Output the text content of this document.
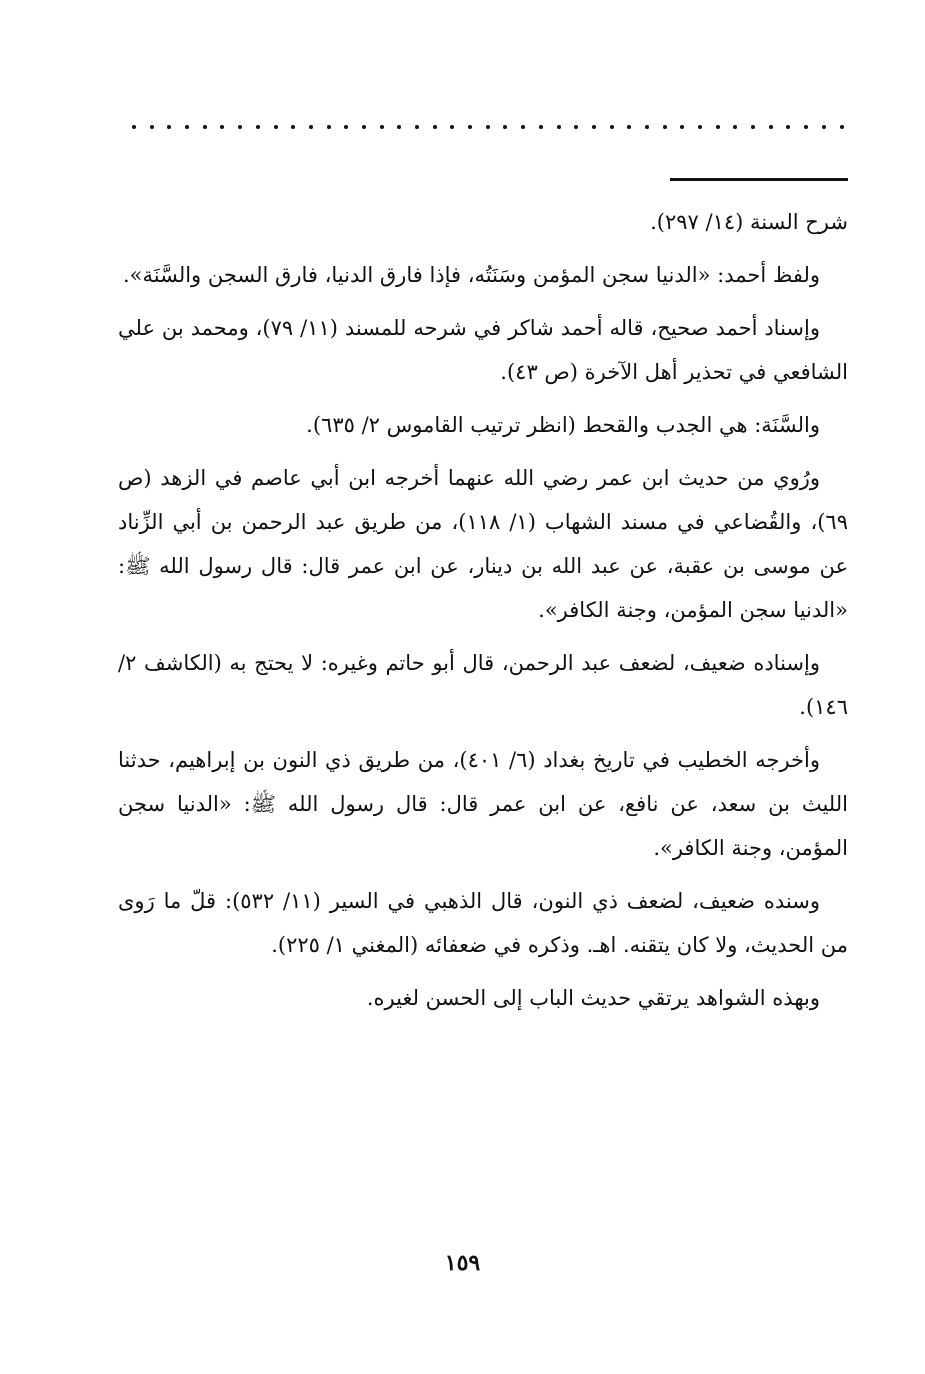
شرح السنة (١٤/ ٢٩٧).

ولفظ أحمد: «الدنيا سجن المؤمن وسَنَتُه، فإذا فارق الدنيا، فارق السجن والسَّنَة».

وإسناد أحمد صحيح، قاله أحمد شاكر في شرحه للمسند (١١/ ٧٩)، ومحمد بن علي الشافعي في تحذير أهل الآخرة (ص ٤٣).

والسَّنَة: هي الجدب والقحط (انظر ترتيب القاموس ٢/ ٦٣٥).

ورُوي من حديث ابن عمر رضي الله عنهما أخرجه ابن أبي عاصم في الزهد (ص ٦٩)، والقُضاعي في مسند الشهاب (١/ ١١٨)، من طريق عبد الرحمن بن أبي الزِّناد عن موسى بن عقبة، عن عبد الله بن دينار، عن ابن عمر قال: قال رسول الله ﷺ: «الدنيا سجن المؤمن، وجنة الكافر».

وإسناده ضعيف، لضعف عبد الرحمن، قال أبو حاتم وغيره: لا يحتج به (الكاشف ٢/ ١٤٦).

وأخرجه الخطيب في تاريخ بغداد (٦/ ٤٠١)، من طريق ذي النون بن إبراهيم، حدثنا الليث بن سعد، عن نافع، عن ابن عمر قال: قال رسول الله ﷺ: «الدنيا سجن المؤمن، وجنة الكافر».

وسنده ضعيف، لضعف ذي النون، قال الذهبي في السير (١١/ ٥٣٢): قلّ ما رَوى من الحديث، ولا كان يتقنه. اهـ. وذكره في ضعفائه (المغني ١/ ٢٢٥).

وبهذه الشواهد يرتقي حديث الباب إلى الحسن لغيره.

١٥٩
